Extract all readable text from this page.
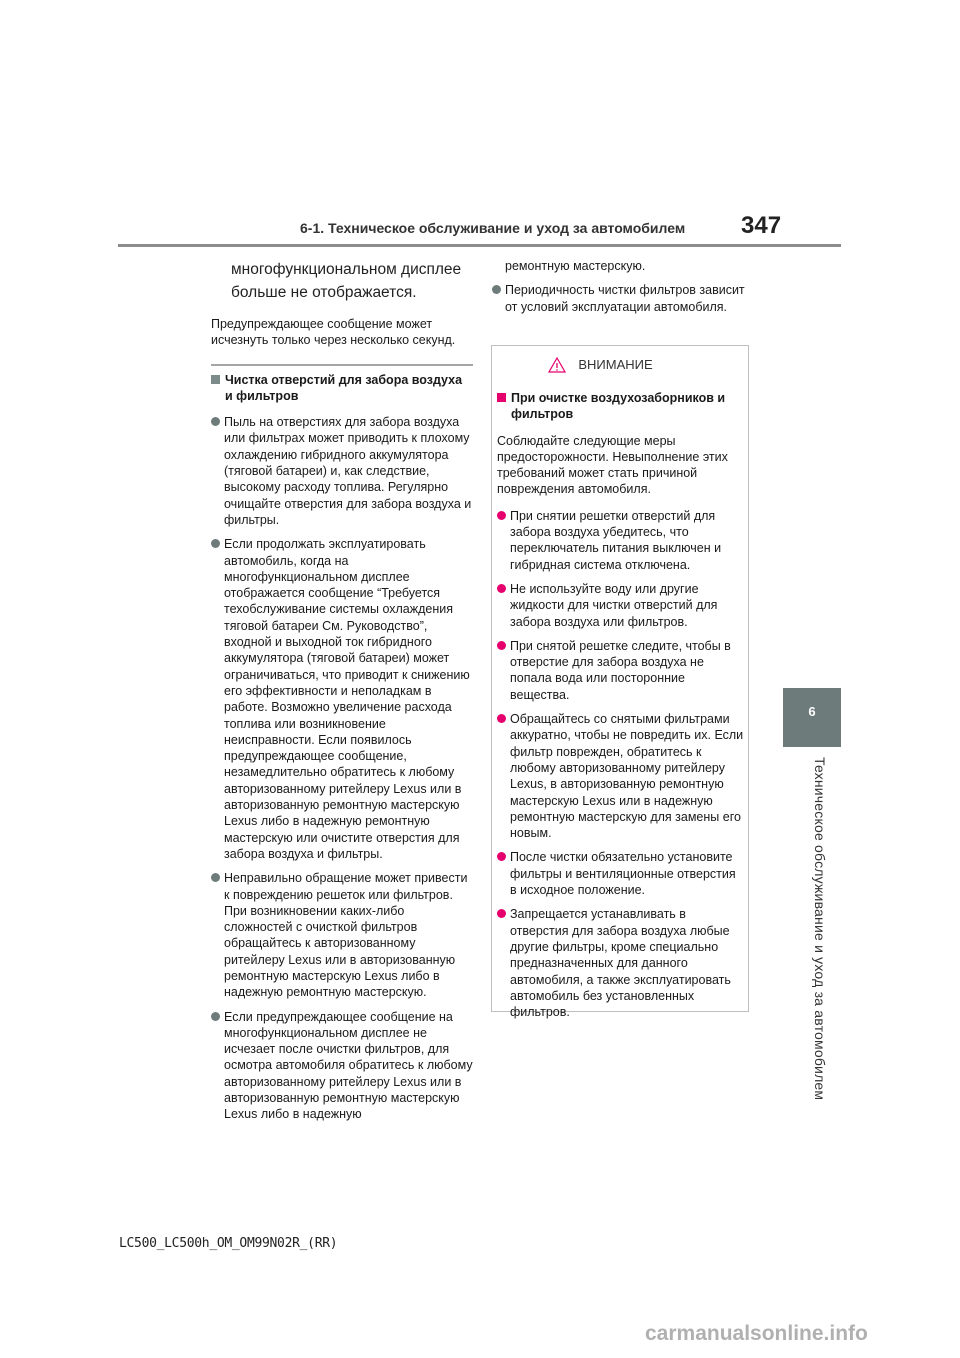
6-1. Техническое обслуживание и уход за автомобилем 347
6
Техническое обслуживание и уход за автомобилем
многофункциональном дисплее
больше не отображается.
Предупреждающее сообщение может исчезнуть только через несколько секунд.
Чистка отверстий для забора воздуха и фильтров
Пыль на отверстиях для забора воздуха или фильтрах может приводить к плохому охлаждению гибридного аккумулятора (тяговой батареи) и, как следствие, высокому расходу топлива. Регулярно очищайте отверстия для забора воздуха и фильтры.
Если продолжать эксплуатировать автомобиль, когда на многофункциональном дисплее отображается сообщение “Требуется техобслуживание системы охлаждения тяговой батареи См. Руководство”, входной и выходной ток гибридного аккумулятора (тяговой батареи) может ограничиваться, что приводит к снижению его эффективности и неполадкам в работе. Возможно увеличение расхода топлива или возникновение неисправности. Если появилось предупреждающее сообщение, незамедлительно обратитесь к любому авторизованному ритейлеру Lexus или в авторизованную ремонтную мастерскую Lexus либо в надежную ремонтную мастерскую или очистите отверстия для забора воздуха и фильтры.
Неправильно обращение может привести к повреждению решеток или фильтров. При возникновении каких-либо сложностей с очисткой фильтров обращайтесь к авторизованному ритейлеру Lexus или в авторизованную ремонтную мастерскую Lexus либо в надежную ремонтную мастерскую.
Если предупреждающее сообщение на многофункциональном дисплее не исчезает после очистки фильтров, для осмотра автомобиля обратитесь к любому авторизованному ритейлеру Lexus или в авторизованную ремонтную мастерскую Lexus либо в надежную
ремонтную мастерскую.
Периодичность чистки фильтров зависит от условий эксплуатации автомобиля.
ВНИМАНИЕ
При очистке воздухозаборников и фильтров
Соблюдайте следующие меры предосторожности. Невыполнение этих требований может стать причиной повреждения автомобиля.
При снятии решетки отверстий для забора воздуха убедитесь, что переключатель питания выключен и гибридная система отключена.
Не используйте воду или другие жидкости для чистки отверстий для забора воздуха или фильтров.
При снятой решетке следите, чтобы в отверстие для забора воздуха не попала вода или посторонние вещества.
Обращайтесь со снятыми фильтрами аккуратно, чтобы не повредить их. Если фильтр поврежден, обратитесь к любому авторизованному ритейлеру Lexus, в авторизованную ремонтную мастерскую Lexus или в надежную ремонтную мастерскую для замены его новым.
После чистки обязательно установите фильтры и вентиляционные отверстия в исходное положение.
Запрещается устанавливать в отверстия для забора воздуха любые другие фильтры, кроме специально предназначенных для данного автомобиля, а также эксплуатировать автомобиль без установленных фильтров.
LC500_LC500h_OM_OM99N02R_(RR)
carmanualsonline.info
